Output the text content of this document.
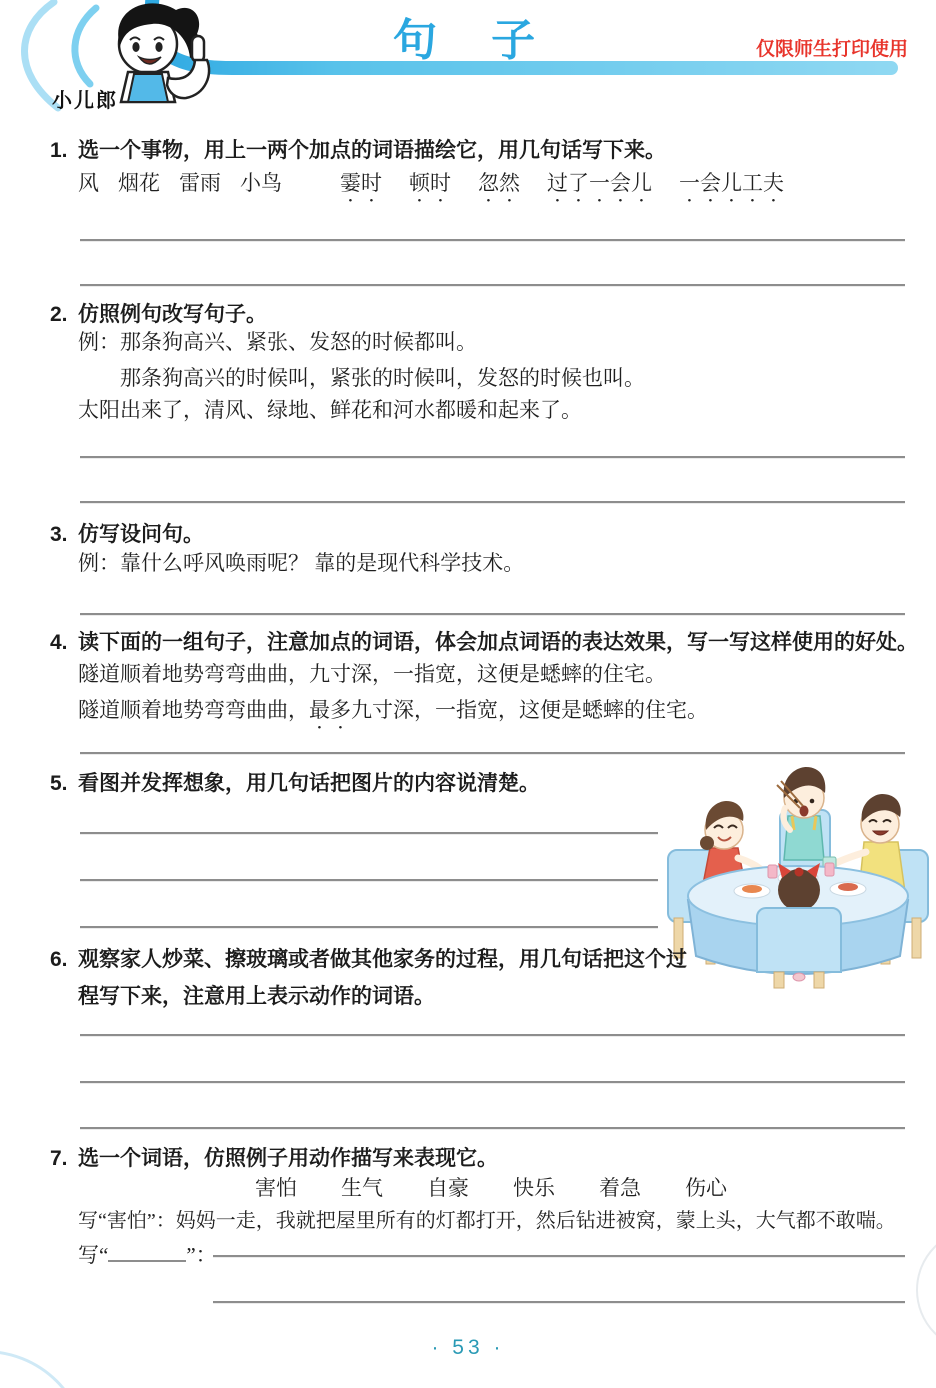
小儿郎
句 子	仅限师生打印使用
1. 选一个事物，用上一两个加点的词语描绘它，用几句话写下来。
风 烟花 雷雨 小鸟	霎时 顿时 忽然 过了一会儿 一会儿工夫
2. 仿照例句改写句子。
例：那条狗高兴、紧张、发怒的时候都叫。
那条狗高兴的时候叫，紧张的时候叫，发怒的时候也叫。
太阳出来了，清风、绿地、鲜花和河水都暖和起来了。
3. 仿写设问句。
例：靠什么呼风唤雨呢？ 靠的是现代科学技术。
4. 读下面的一组句子，注意加点的词语，体会加点词语的表达效果，写一写这样使用的好处。
隧道顺着地势弯弯曲曲，九寸深，一指宽，这便是蟋蟀的住宅。
隧道顺着地势弯弯曲曲，最多九寸深，一指宽，这便是蟋蟀的住宅。
5. 看图并发挥想象，用几句话把图片的内容说清楚。
6. 观察家人炒菜、擦玻璃或者做其他家务的过程，用几句话把这个过程写下来，注意用上表示动作的词语。
7. 选一个词语，仿照例子用动作描写来表现它。
害怕 生气 自豪 快乐 着急 伤心
写“害怕”：妈妈一走，我就把屋里所有的灯都打开，然后钻进被窝，蒙上头，大气都不敢喘。
写“	”：
· 53 ·
